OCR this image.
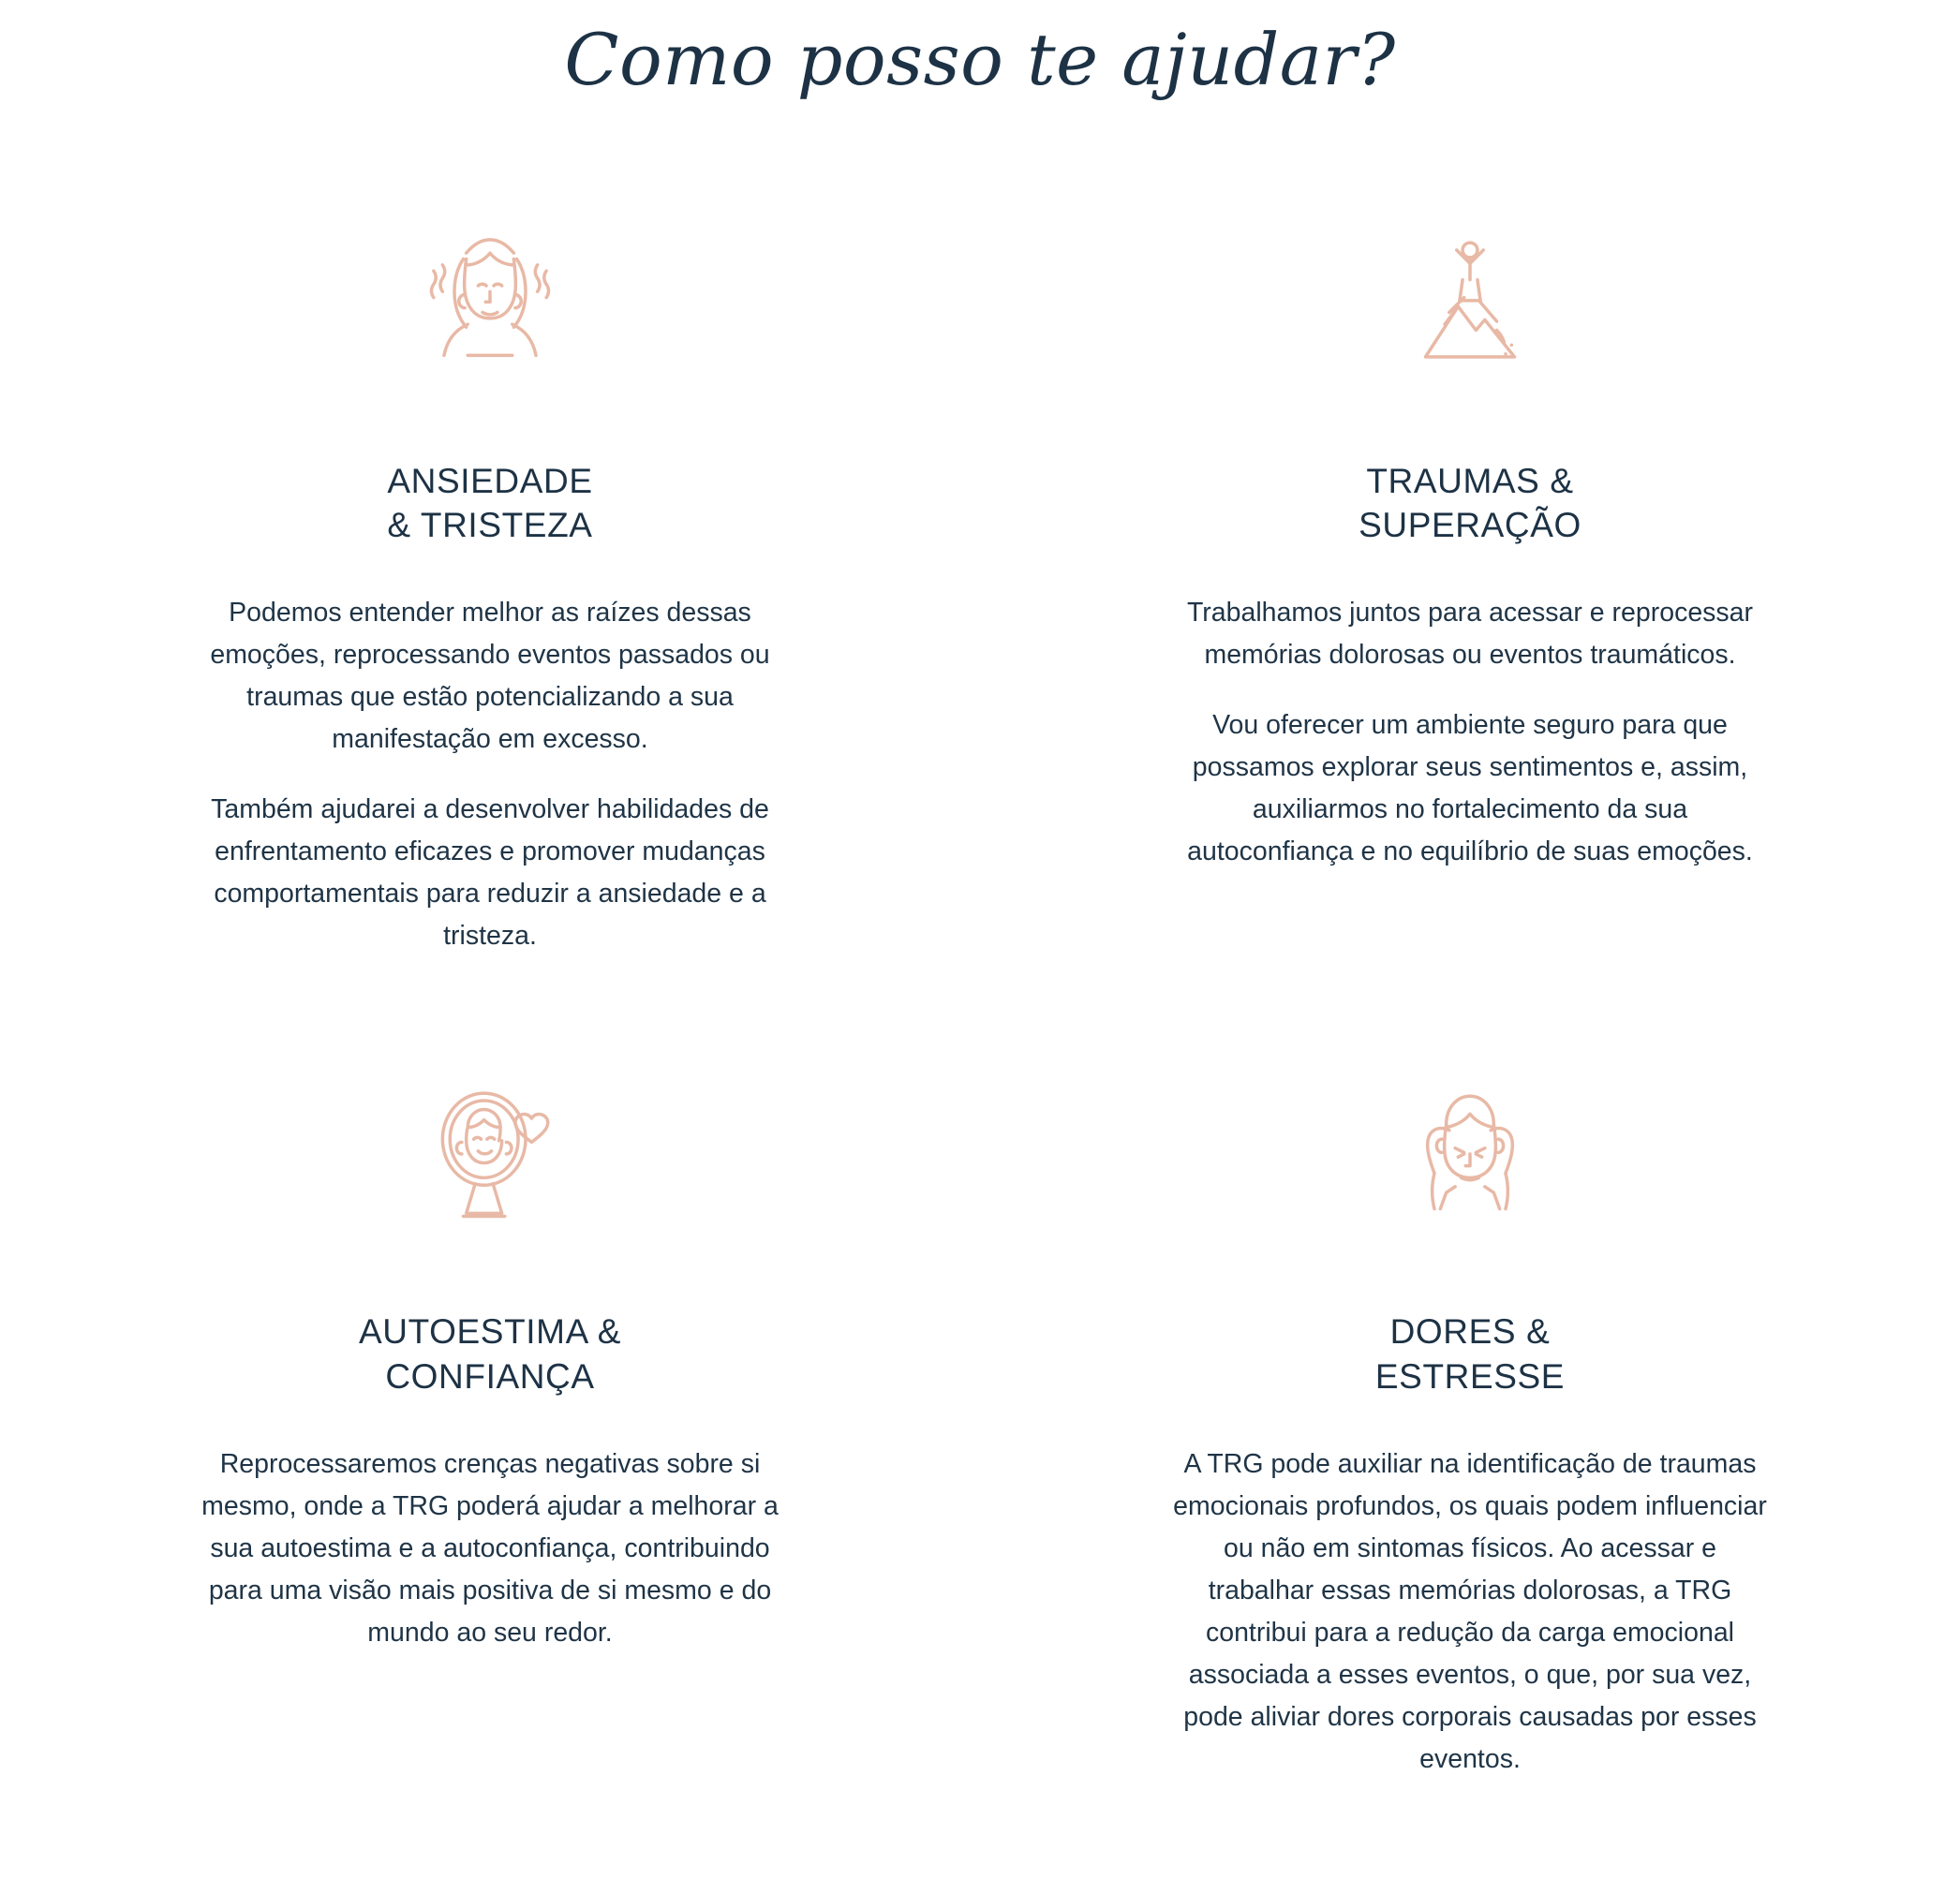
Como posso te ajudar?
ANSIEDADE
& TRISTEZA

Podemos entender melhor as raízes dessas emoções, reprocessando eventos passados ou traumas que estão potencializando a sua manifestação em excesso.

Também ajudarei a desenvolver habilidades de enfrentamento eficazes e promover mudanças comportamentais para reduzir a ansiedade e a tristeza.

TRAUMAS &
SUPERAÇÃO

Trabalhamos juntos para acessar e reprocessar memórias dolorosas ou eventos traumáticos.

Vou oferecer um ambiente seguro para que possamos explorar seus sentimentos e, assim, auxiliarmos no fortalecimento da sua autoconfiança e no equilíbrio de suas emoções.

AUTOESTIMA &
CONFIANÇA

Reprocessaremos crenças negativas sobre si mesmo, onde a TRG poderá ajudar a melhorar a sua autoestima e a autoconfiança, contribuindo para uma visão mais positiva de si mesmo e do mundo ao seu redor.

DORES &
ESTRESSE

A TRG pode auxiliar na identificação de traumas emocionais profundos, os quais podem influenciar ou não em sintomas físicos. Ao acessar e trabalhar essas memórias dolorosas, a TRG contribui para a redução da carga emocional associada a esses eventos, o que, por sua vez, pode aliviar dores corporais causadas por esses eventos.
